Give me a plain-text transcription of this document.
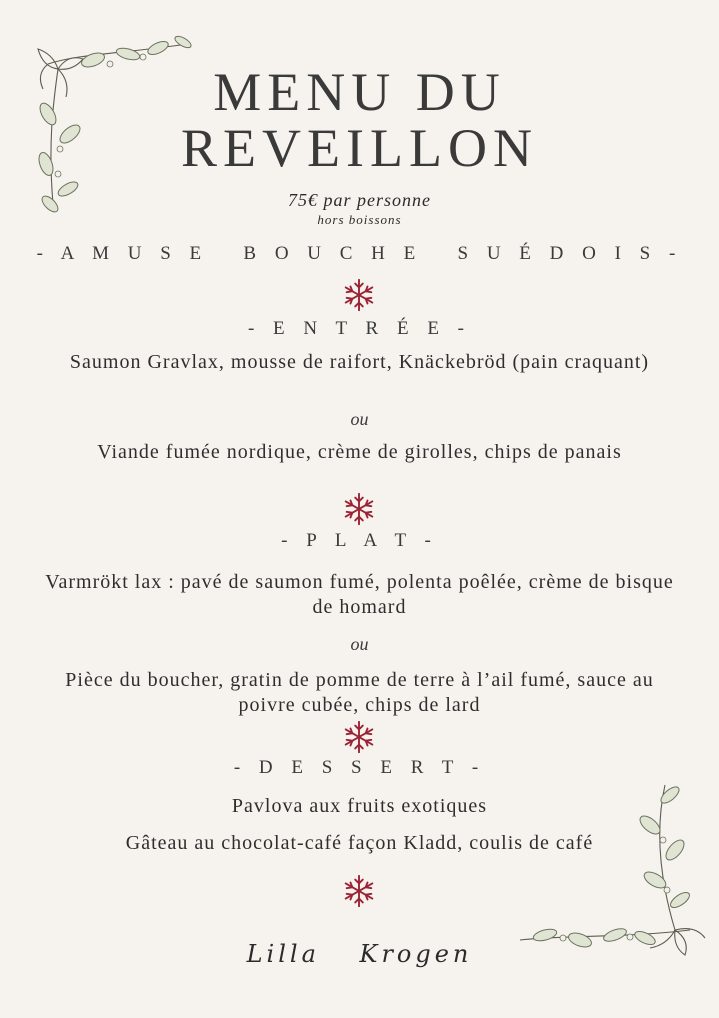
MENU DU
REVEILLON
75€ par personne
hors boissons
- A M U S E   B O U C H E   S U É D O I S -
- E N T R É E -
Saumon Gravlax, mousse de raifort, Knäckebröd (pain craquant)
ou
Viande fumée nordique, crème de girolles, chips de panais
- P L A T -
Varmrökt lax : pavé de saumon fumé, polenta poêlée, crème de bisque de homard
ou
Pièce du boucher, gratin de pomme de terre à l’ail fumé, sauce au poivre cubée, chips de lard
- D E S S E R T -
Pavlova aux fruits exotiques
Gâteau au chocolat-café façon Kladd, coulis de café
Lilla Krogen
